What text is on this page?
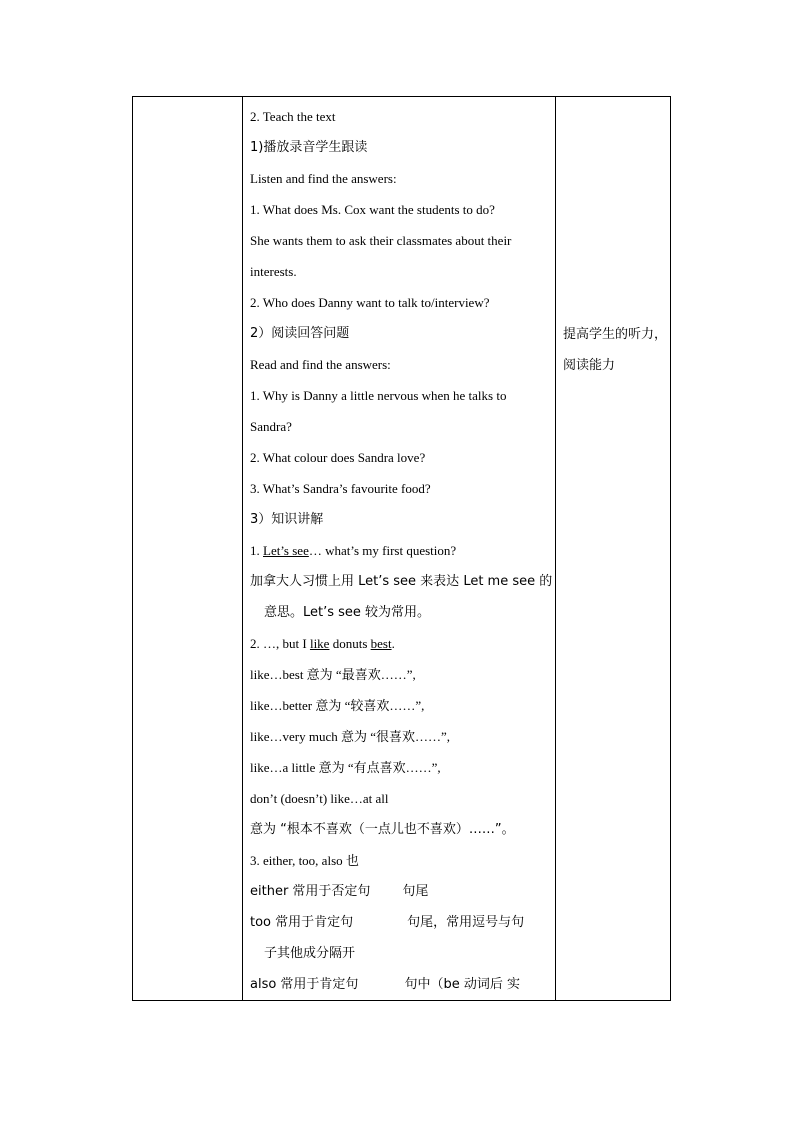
2. Teach the text
1)播放录音学生跟读
Listen and find the answers:
1. What does Ms. Cox want the students to do?
She wants them to ask their classmates about their
interests.
2. Who does Danny want to talk to/interview?
2）阅读回答问题
Read and find the answers:
1. Why is Danny a little nervous when he talks to
Sandra?
2. What colour does Sandra love?
3. What’s Sandra’s favourite food?
3）知识讲解
1. Let’s see… what’s my first question?
加拿大人习惯上用 Let’s see 来表达 Let me see 的
意思。Let’s see 较为常用。
2. …, but I like donuts best.
like…best 意为 “最喜欢……”,
like…better 意为 “较喜欢……”,
like…very much 意为 “很喜欢……”,
like…a little 意为 “有点喜欢……”,
don’t (doesn’t) like…at all
意为 “根本不喜欢（一点儿也不喜欢）……”。
3. either, too, also 也
either 常用于否定句 句尾
too 常用于肯定句	句尾，常用逗号与句
子其他成分隔开
also 常用于肯定句	句中（be 动词后 实

提高学生的听力，
阅读能力
